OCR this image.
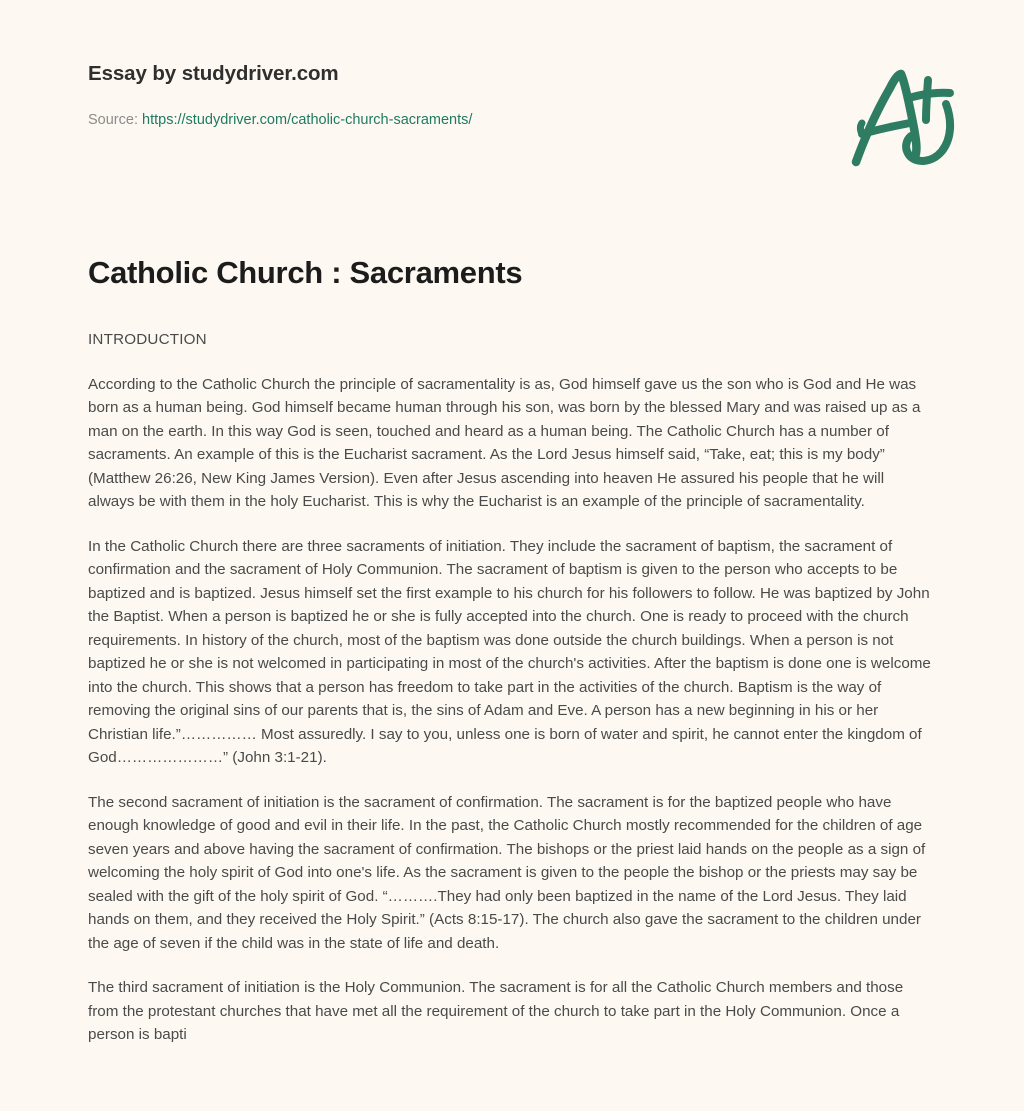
Essay by studydriver.com
Source: https://studydriver.com/catholic-church-sacraments/
Catholic Church : Sacraments

INTRODUCTION

According to the Catholic Church the principle of sacramentality is as, God himself gave us the son who is God and He was born as a human being. God himself became human through his son, was born by the blessed Mary and was raised up as a man on the earth. In this way God is seen, touched and heard as a human being. The Catholic Church has a number of sacraments. An example of this is the Eucharist sacrament. As the Lord Jesus himself said, “Take, eat; this is my body” (Matthew 26:26, New King James Version). Even after Jesus ascending into heaven He assured his people that he will always be with them in the holy Eucharist. This is why the Eucharist is an example of the principle of sacramentality.

In the Catholic Church there are three sacraments of initiation. They include the sacrament of baptism, the sacrament of confirmation and the sacrament of Holy Communion. The sacrament of baptism is given to the person who accepts to be baptized and is baptized. Jesus himself set the first example to his church for his followers to follow. He was baptized by John the Baptist. When a person is baptized he or she is fully accepted into the church. One is ready to proceed with the church requirements. In history of the church, most of the baptism was done outside the church buildings. When a person is not baptized he or she is not welcomed in participating in most of the church's activities. After the baptism is done one is welcome into the church. This shows that a person has freedom to take part in the activities of the church. Baptism is the way of removing the original sins of our parents that is, the sins of Adam and Eve. A person has a new beginning in his or her Christian life.”…………… Most assuredly. I say to you, unless one is born of water and spirit, he cannot enter the kingdom of God…………………” (John 3:1-21).

The second sacrament of initiation is the sacrament of confirmation. The sacrament is for the baptized people who have enough knowledge of good and evil in their life. In the past, the Catholic Church mostly recommended for the children of age seven years and above having the sacrament of confirmation. The bishops or the priest laid hands on the people as a sign of welcoming the holy spirit of God into one's life. As the sacrament is given to the people the bishop or the priests may say be sealed with the gift of the holy spirit of God. “……….They had only been baptized in the name of the Lord Jesus. They laid hands on them, and they received the Holy Spirit.” (Acts 8:15-17). The church also gave the sacrament to the children under the age of seven if the child was in the state of life and death.

The third sacrament of initiation is the Holy Communion. The sacrament is for all the Catholic Church members and those from the protestant churches that have met all the requirement of the church to take part in the Holy Communion. Once a person is bapti
